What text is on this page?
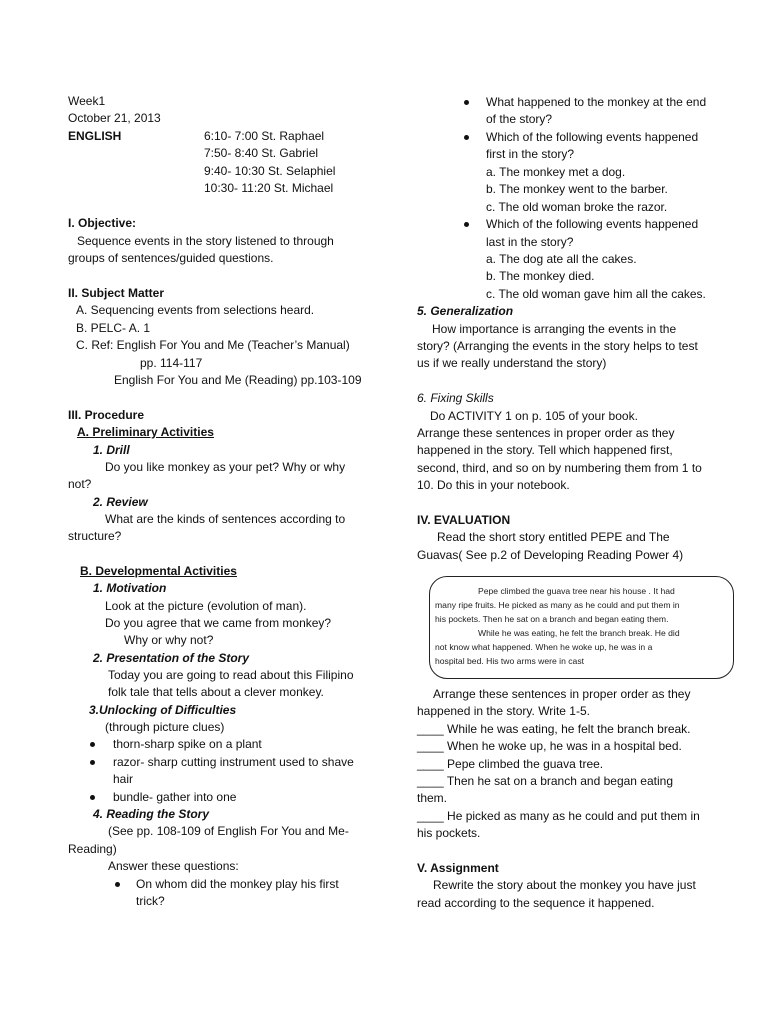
Week1
October 21, 2013
ENGLISH	6:10- 7:00 St. Raphael
7:50- 8:40 St. Gabriel
9:40- 10:30 St. Selaphiel
10:30- 11:20 St. Michael
I. Objective:
Sequence events in the story listened to through
groups of sentences/guided questions.
II. Subject Matter
A. Sequencing events from selections heard.
B. PELC- A. 1
C. Ref: English For You and Me (Teacher’s Manual)
pp. 114-117
English For You and Me (Reading) pp.103-109
III. Procedure
A. Preliminary Activities
1. Drill
Do you like monkey as your pet? Why or why
not?
2. Review
What are the kinds of sentences according to
structure?
B. Developmental Activities
1. Motivation
Look at the picture (evolution of man).
Do you agree that we came from monkey?
Why or why not?
2. Presentation of the Story
Today you are going to read about this Filipino
folk tale that tells about a clever monkey.
3.Unlocking of Difficulties
(through picture clues)
thorn-sharp spike on a plant
razor- sharp cutting instrument used to shave
hair
bundle- gather into one
4. Reading the Story
(See pp. 108-109 of English For You and Me-
Reading)
Answer these questions:
On whom did the monkey play his first
trick?
What happened to the monkey at the end
of the story?
Which of the following events happened
first in the story?
a. The monkey met a dog.
b. The monkey went to the barber.
c. The old woman broke the razor.
Which of the following events happened
last in the story?
a. The dog ate all the cakes.
b. The monkey died.
c. The old woman gave him all the cakes.
5. Generalization
How importance is arranging the events in the
story? (Arranging the events in the story helps to test
us if we really understand the story)
6. Fixing Skills
Do ACTIVITY 1 on p. 105 of your book.
Arrange these sentences in proper order as they
happened in the story. Tell which happened first,
second, third, and so on by numbering them from 1 to
10. Do this in your notebook.
IV. EVALUATION
Read the short story entitled PEPE and The
Guavas( See p.2 of Developing Reading Power 4)
Arrange these sentences in proper order as they
happened in the story. Write 1-5.
____ While he was eating, he felt the branch break.
____ When he woke up, he was in a hospital bed.
____ Pepe climbed the guava tree.
____ Then he sat on a branch and began eating
them.
____ He picked as many as he could and put them in
his pockets.
V. Assignment
Rewrite the story about the monkey you have just
read according to the sequence it happened.
Pepe climbed the guava tree near his house . It had
many ripe fruits. He picked as many as he could and put them in
his pockets. Then he sat on a branch and began eating them.
While he was eating, he felt the branch break. He did
not know what happened. When he woke up, he was in a
hospital bed. His two arms were in cast
